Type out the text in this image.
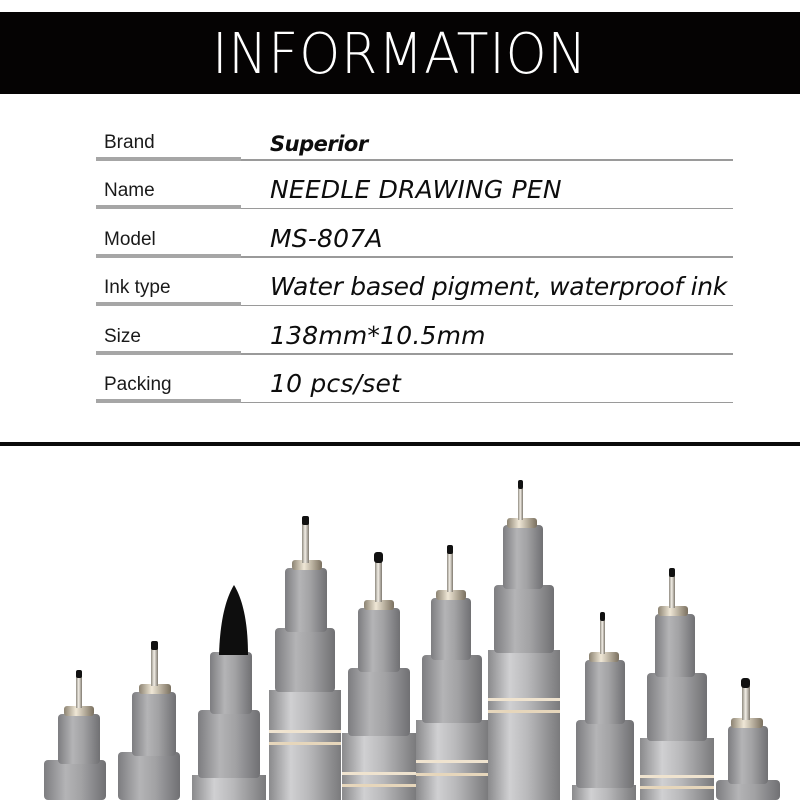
INFORMATION
Brand	Superior
Name	NEEDLE DRAWING PEN
Model	MS-807A
Ink type	Water based pigment, waterproof ink
Size	138mm*10.5mm
Packing	10 pcs/set
